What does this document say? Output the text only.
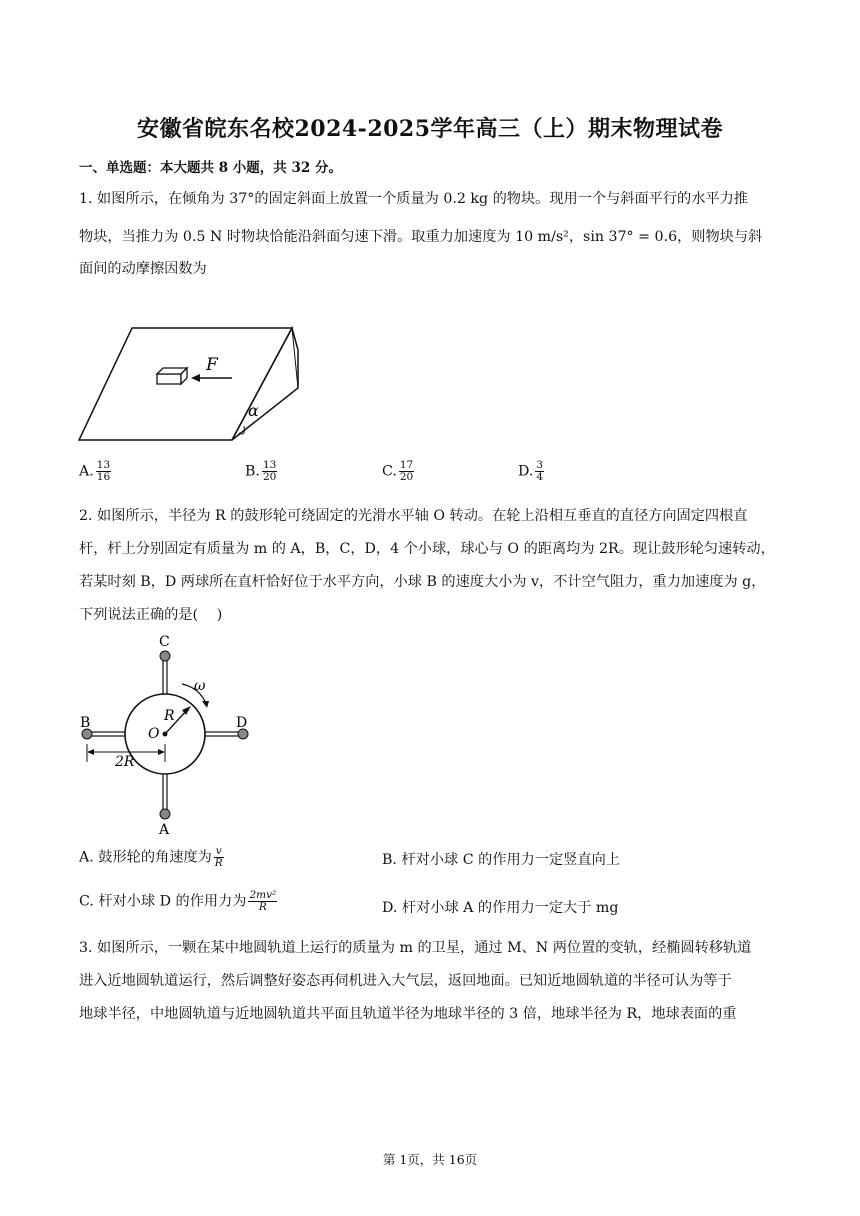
安徽省皖东名校2024-2025学年高三（上）期末物理试卷
一、单选题：本大题共 8 小题，共 32 分。
1. 如图所示，在倾角为 37°的固定斜面上放置一个质量为 0.2 kg 的物块。现用一个与斜面平行的水平力推
物块，当推力为 0.5 N 时物块恰能沿斜面匀速下滑。取重力加速度为 10 m/s²，sin 37° = 0.6，则物块与斜
面间的动摩擦因数为
F
α
A. $\frac{13}{16}$	B. $\frac{13}{20}$	C. $\frac{17}{20}$	D. $\frac{3}{4}$
2. 如图所示，半径为 R 的鼓形轮可绕固定的光滑水平轴 O 转动。在轮上沿相互垂直的直径方向固定四根直
杆，杆上分别固定有质量为 m 的 A，B，C，D，4 个小球，球心与 O 的距离均为 2R。现让鼓形轮匀速转动，
若某时刻 B，D 两球所在直杆恰好位于水平方向，小球 B 的速度大小为 v，不计空气阻力，重力加速度为 g，
下列说法正确的是(　 )
C
A
B	D
O
R
2R
ω
A. 鼓形轮的角速度为 $\frac{v}{R}$	B. 杆对小球 C 的作用力一定竖直向上
C. 杆对小球 D 的作用力为 $\frac{\text{2mv²}}{R}$	D. 杆对小球 A 的作用力一定大于 mg
3. 如图所示，一颗在某中地圆轨道上运行的质量为 m 的卫星，通过 M、N 两位置的变轨，经椭圆转移轨道
进入近地圆轨道运行，然后调整好姿态再伺机进入大气层，返回地面。已知近地圆轨道的半径可认为等于
地球半径，中地圆轨道与近地圆轨道共平面且轨道半径为地球半径的 3 倍，地球半径为 R，地球表面的重
第 1页，共 16页
